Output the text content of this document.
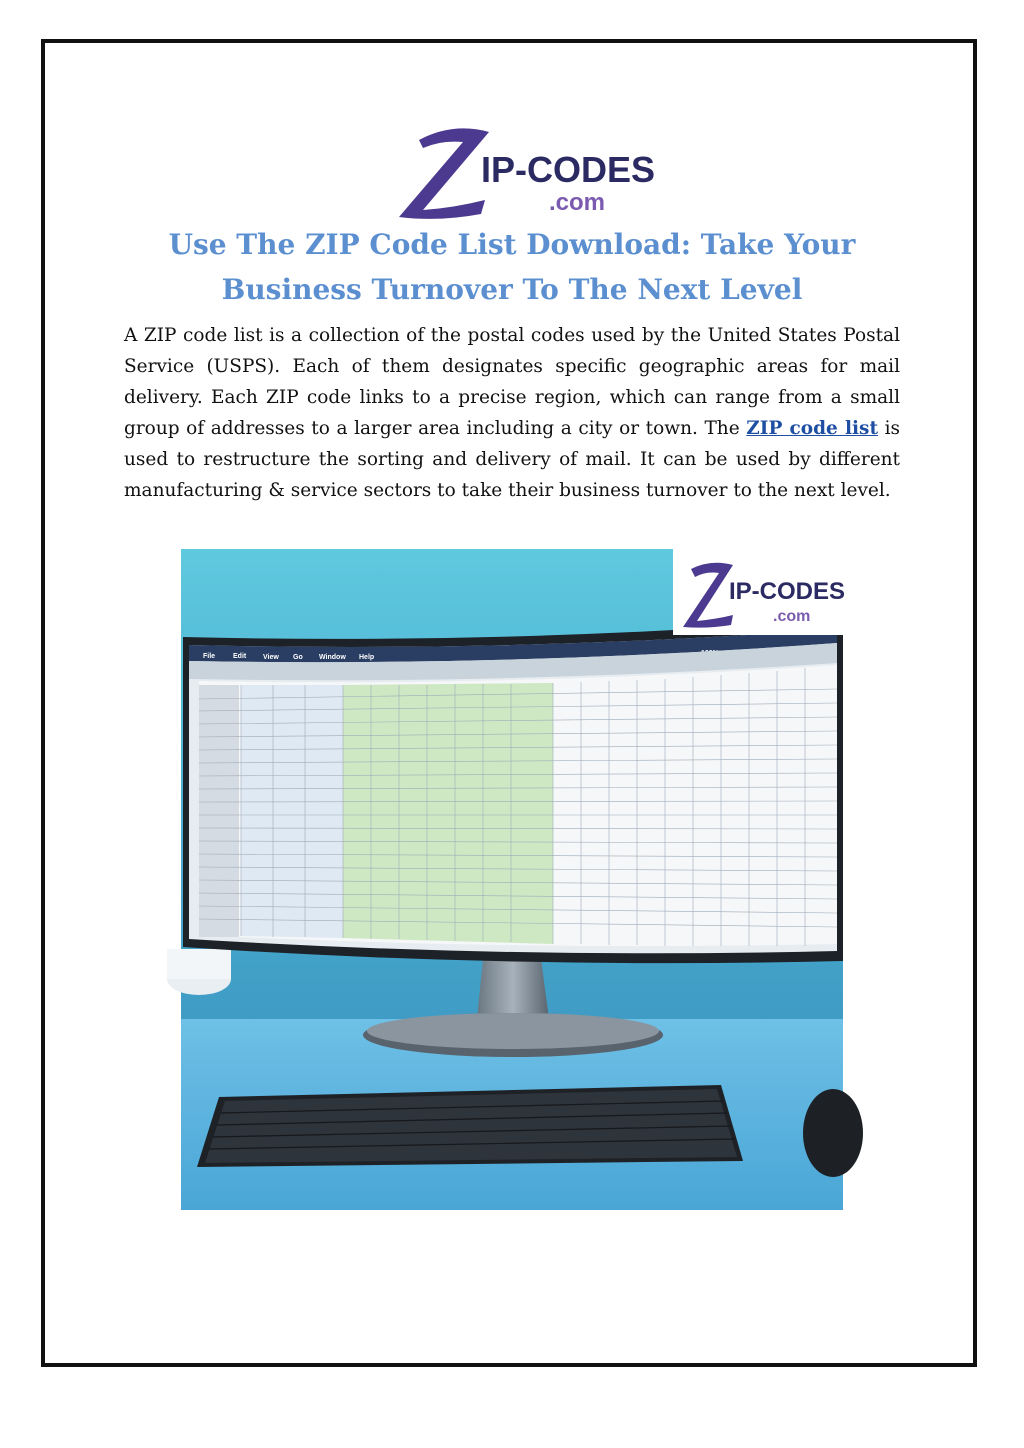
IP-CODES
.com
Use The ZIP Code List Download: Take Your
Business Turnover To The Next Level

A ZIP code list is a collection of the postal codes used by the United States Postal Service (USPS). Each of them designates specific geographic areas for mail delivery. Each ZIP code links to a precise region, which can range from a small group of addresses to a larger area including a city or town. The ZIP code list is used to restructure the sorting and delivery of mail. It can be used by different manufacturing & service sectors to take their business turnover to the next level.

File	Edit View Go Window Help
IP-CODES
.com
